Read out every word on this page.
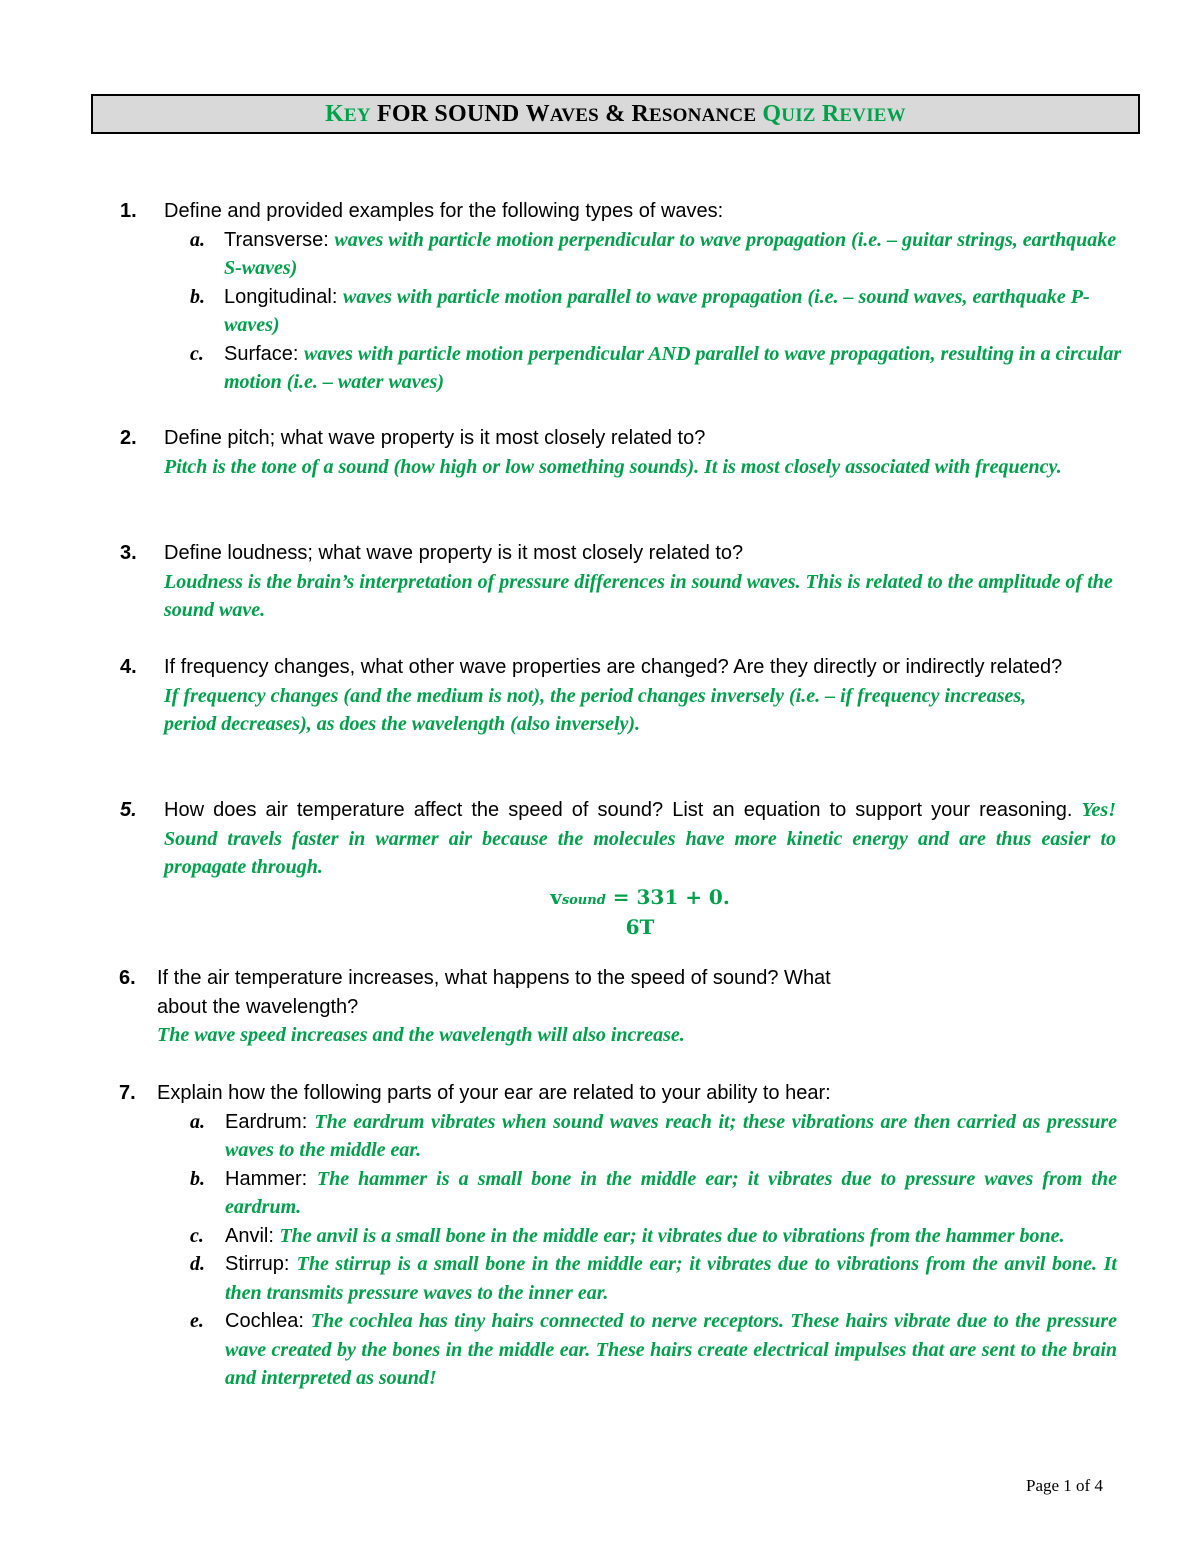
KEY FOR SOUND WAVES & RESONANCE QUIZ REVIEW
1. Define and provided examples for the following types of waves:
a. Transverse: waves with particle motion perpendicular to wave propagation (i.e. – guitar strings, earthquake S-waves)
b. Longitudinal: waves with particle motion parallel to wave propagation (i.e. – sound waves, earthquake P-waves)
c. Surface: waves with particle motion perpendicular AND parallel to wave propagation, resulting in a circular motion (i.e. – water waves)
2. Define pitch; what wave property is it most closely related to?
Pitch is the tone of a sound (how high or low something sounds). It is most closely associated with frequency.
3. Define loudness; what wave property is it most closely related to?
Loudness is the brain’s interpretation of pressure differences in sound waves. This is related to the amplitude of the sound wave.
4. If frequency changes, what other wave properties are changed? Are they directly or indirectly related?
If frequency changes (and the medium is not), the period changes inversely (i.e. – if frequency increases, period decreases), as does the wavelength (also inversely).
5. How does air temperature affect the speed of sound? List an equation to support your reasoning. Yes! Sound travels faster in warmer air because the molecules have more kinetic energy and are thus easier to propagate through.
vsound = 331 + 0.
6T
6. If the air temperature increases, what happens to the speed of sound? What
about the wavelength?
The wave speed increases and the wavelength will also increase.
7. Explain how the following parts of your ear are related to your ability to hear:
a. Eardrum: The eardrum vibrates when sound waves reach it; these vibrations are then carried as pressure waves to the middle ear.
b. Hammer: The hammer is a small bone in the middle ear; it vibrates due to pressure waves from the eardrum.
c. Anvil: The anvil is a small bone in the middle ear; it vibrates due to vibrations from the hammer bone.
d. Stirrup: The stirrup is a small bone in the middle ear; it vibrates due to vibrations from the anvil bone. It then transmits pressure waves to the inner ear.
e. Cochlea: The cochlea has tiny hairs connected to nerve receptors. These hairs vibrate due to the pressure wave created by the bones in the middle ear. These hairs create electrical impulses that are sent to the brain and interpreted as sound!
Page 1 of 4
